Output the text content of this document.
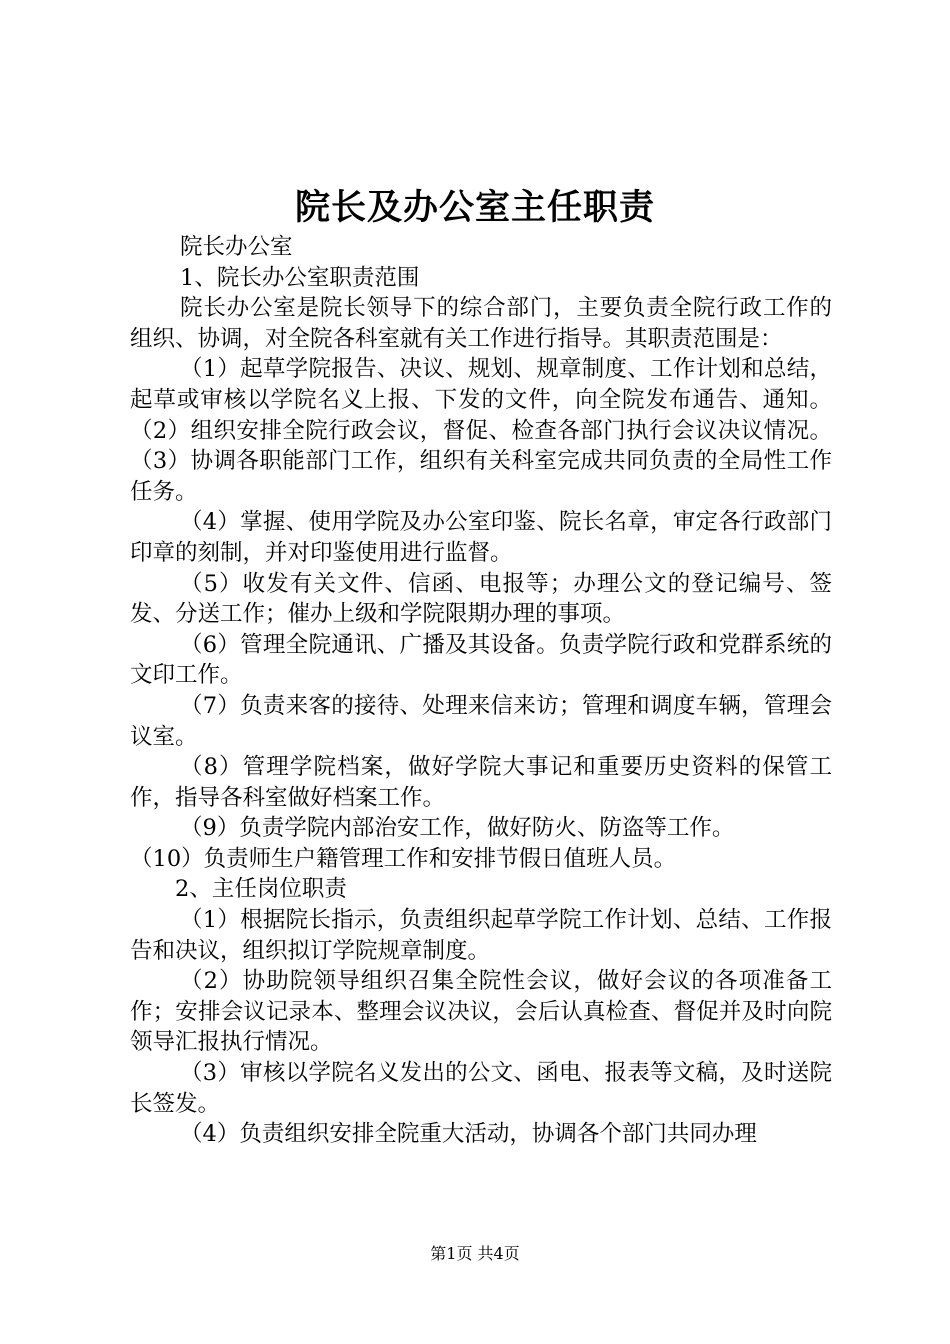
院长及办公室主任职责

院长办公室

1、院长办公室职责范围

院长办公室是院长领导下的综合部门，主要负责全院行政工作的组织、协调，对全院各科室就有关工作进行指导。其职责范围是：

（1）起草学院报告、决议、规划、规章制度、工作计划和总结，起草或审核以学院名义上报、下发的文件，向全院发布通告、通知。（2）组织安排全院行政会议，督促、检查各部门执行会议决议情况。（3）协调各职能部门工作，组织有关科室完成共同负责的全局性工作任务。

（4）掌握、使用学院及办公室印鉴、院长名章，审定各行政部门印章的刻制，并对印鉴使用进行监督。

（5）收发有关文件、信函、电报等；办理公文的登记编号、签发、分送工作；催办上级和学院限期办理的事项。

（6）管理全院通讯、广播及其设备。负责学院行政和党群系统的文印工作。

（7）负责来客的接待、处理来信来访；管理和调度车辆，管理会议室。

（8）管理学院档案，做好学院大事记和重要历史资料的保管工作，指导各科室做好档案工作。

（9）负责学院内部治安工作，做好防火、防盗等工作。

（10）负责师生户籍管理工作和安排节假日值班人员。

2、主任岗位职责

（1）根据院长指示，负责组织起草学院工作计划、总结、工作报告和决议，组织拟订学院规章制度。

（2）协助院领导组织召集全院性会议，做好会议的各项准备工作；安排会议记录本、整理会议决议，会后认真检查、督促并及时向院领导汇报执行情况。

（3）审核以学院名义发出的公文、函电、报表等文稿，及时送院长签发。

（4）负责组织安排全院重大活动，协调各个部门共同办理

第1页 共4页
